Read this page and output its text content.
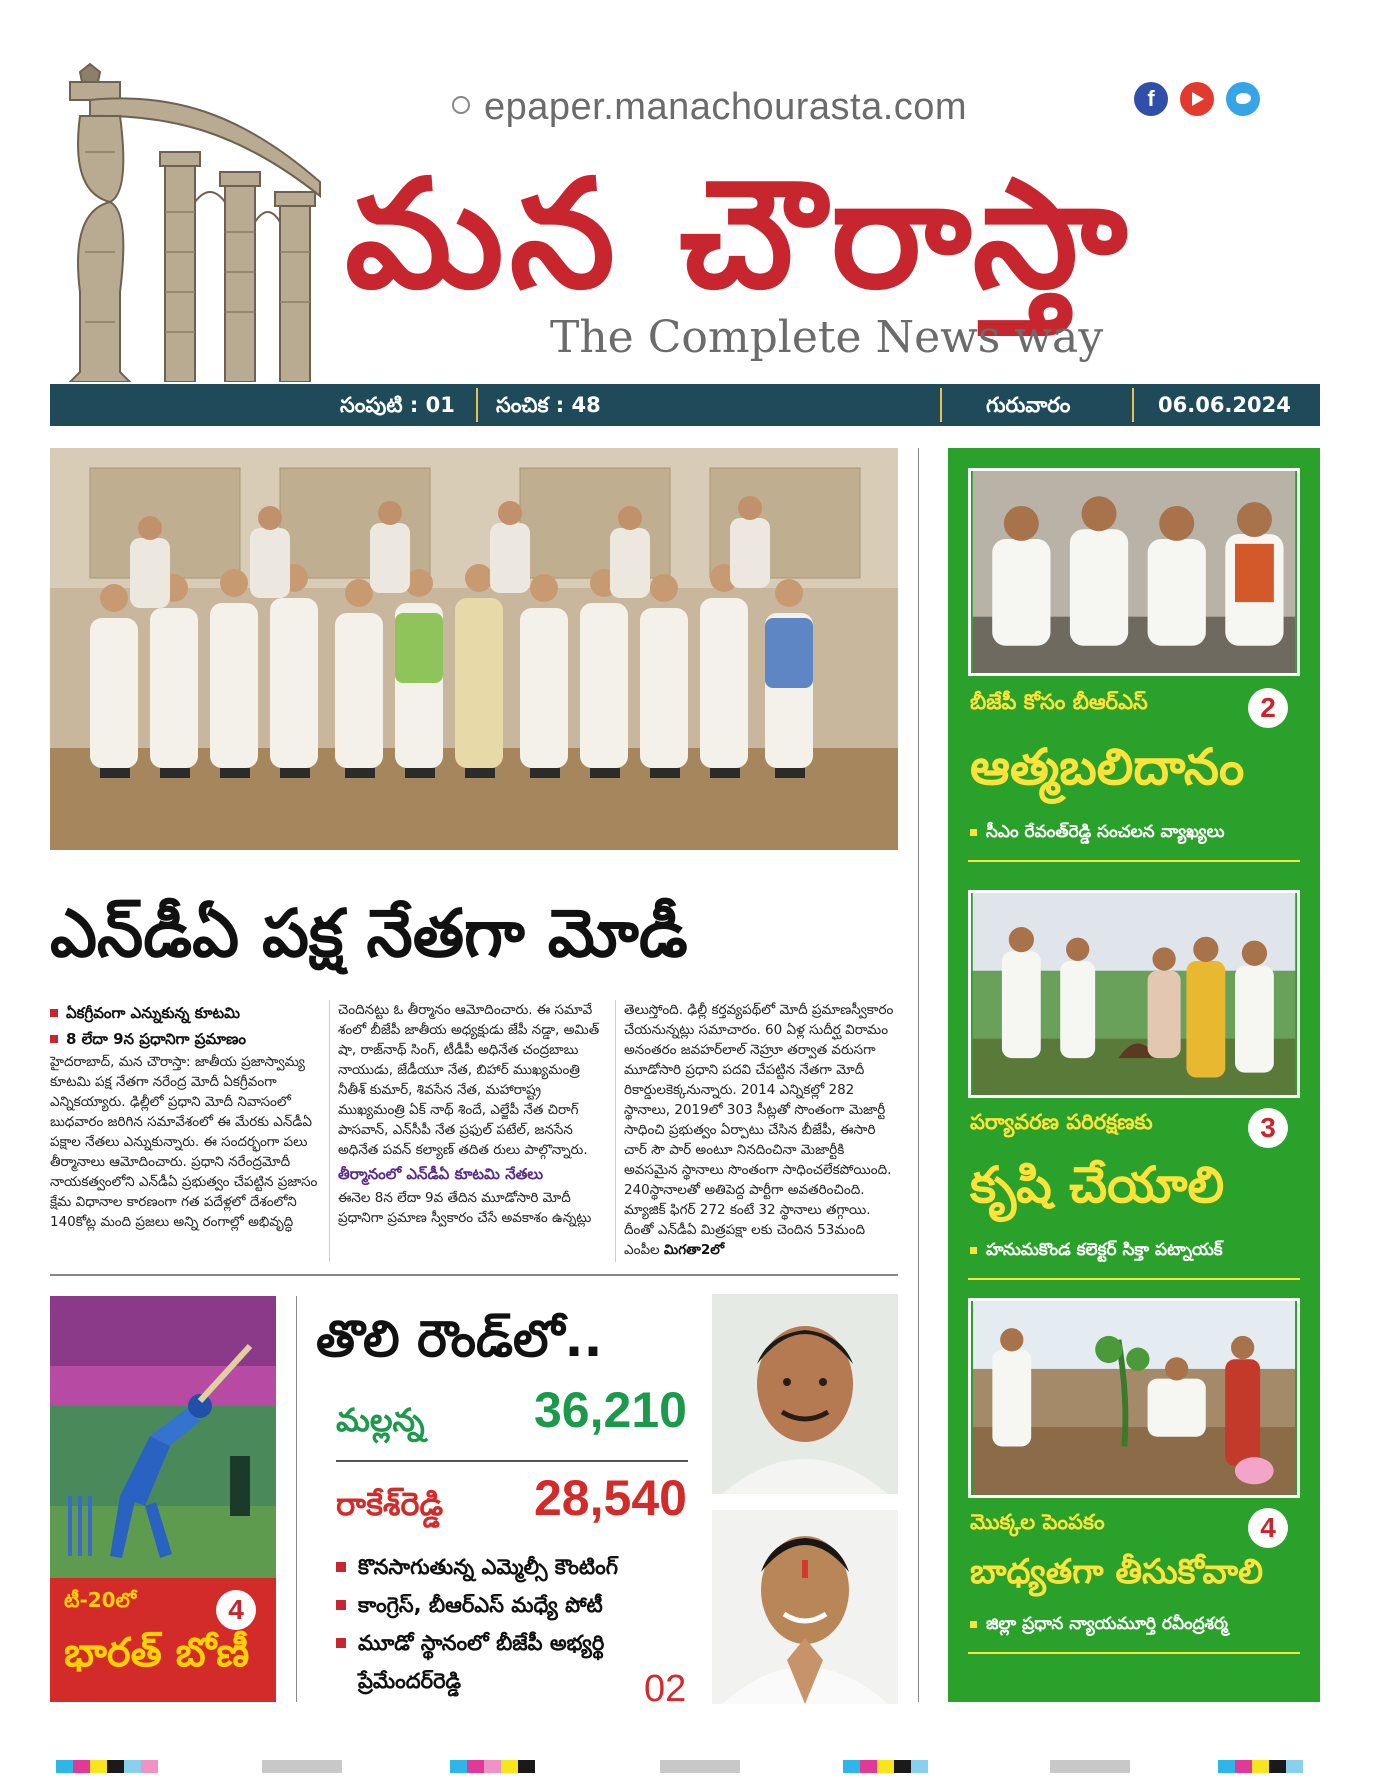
epaper.manachourasta.com	f
మన చౌరాస్తా
The Complete News way
సంపుటి : 01 సంచిక : 48	గురువారం	06.06.2024
ఎన్‌డీఏ పక్ష నేతగా మోడీ
ఏకగ్రీవంగా ఎన్నుకున్న కూటమి
8 లేదా 9న ప్రధానిగా ప్రమాణం

హైదరాబాద్, మన చౌరాస్తా: జాతీయ ప్రజాస్వామ్య కూటమి పక్ష నేతగా నరేంద్ర మోదీ ఏకగ్రీవంగా ఎన్నికయ్యారు. ఢిల్లీలో ప్రధాని మోదీ నివాసంలో బుధవారం జరిగిన సమావేశంలో ఈ మేరకు ఎన్‌డీఏ పక్షాల నేతలు ఎన్నుకున్నారు. ఈ సందర్భంగా పలు తీర్మానాలు ఆమోదించారు. ప్రధాని నరేంద్రమోదీ నాయకత్వంలోని ఎన్‌డీఏ ప్రభుత్వం చేపట్టిన ప్రజాసం క్షేమ విధానాల కారణంగా గత పదేళ్లలో దేశంలోని 140కోట్ల మంది ప్రజలు అన్ని రంగాల్లో అభివృద్ధి

చెందినట్టు ఓ తీర్మానం ఆమోదించారు. ఈ సమావే శంలో బీజేపీ జాతీయ అధ్యక్షుడు జేపీ నడ్డా, అమిత్ షా, రాజ్‌నాథ్ సింగ్, టీడీపీ అధినేత చంద్రబాబు నాయుడు, జేడీయూ నేత, బిహార్ ముఖ్యమంత్రి నీతీశ్ కుమార్, శివసేన నేత, మహారాష్ట్ర ముఖ్యమంత్రి ఏక్‌ నాథ్ శిందే, ఎల్జేపీ నేత చిరాగ్ పాసవాన్, ఎన్‌సీపీ నేత ప్రఫుల్ పటేల్, జనసేన అధినేత పవన్ కల్యాణ్ తదిత రులు పాల్గొన్నారు.

తీర్మానంలో ఎన్‌డీఏ కూటమి నేతలు

ఈనెల 8న లేదా 9వ తేదిన మూడోసారి మోదీ ప్రధానిగా ప్రమాణ స్వీకారం చేసే అవకాశం ఉన్నట్లు

తెలుస్తోంది. ఢిల్లీ కర్తవ్యపథ్‌లో మోదీ ప్రమాణస్వీకారం చేయనున్నట్లు సమాచారం. 60 ఏళ్ల సుదీర్ఘ విరామం అనంతరం జవహర్‌లాల్ నెహ్రూ తర్వాత వరుసగా మూడోసారి ప్రధాని పదవి చేపట్టిన నేతగా మోదీ రికార్డులకెక్కనున్నారు. 2014 ఎన్నికల్లో 282 స్థానాలు, 2019లో 303 సీట్లతో సొంతంగా మెజార్టీ సాధించి ప్రభుత్వం ఏర్పాటు చేసిన బీజేపీ, ఈసారి చార్ సౌ పార్ అంటూ నినదించినా మెజార్టీకి అవసమైన స్థానాలు సొంతంగా సాధించలేకపోయింది. 240స్థానాలతో అతిపెద్ద పార్టీగా అవతరించింది. మ్యాజిక్ ఫిగర్ 272 కంటే 32 స్థానాలు తగ్గాయి. దీంతో ఎన్‌డీఏ మిత్రపక్షా లకు చెందిన 53మంది ఎంపీల మిగతా2లో

టీ-20లో	4
భారత్ బోణీ
తొలి రౌండ్‌లో..
మల్లన్న 36,210
రాకేశ్‌రెడ్డి 28,540
కొనసాగుతున్న ఎమ్మెల్సీ కౌంటింగ్
కాంగ్రెస్, బీఆర్ఎస్ మధ్యే పోటీ
మూడో స్థానంలో బీజేపీ అభ్యర్థి
ప్రేమేందర్‌రెడ్డి	02
బీజేపీ కోసం బీఆర్ఎస్	2
ఆత్మబలిదానం
సీఎం రేవంత్‌రెడ్డి సంచలన వ్యాఖ్యలు
పర్యావరణ పరిరక్షణకు	3
కృషి చేయాలి
హనుమకొండ కలెక్టర్ సిక్తా పట్నాయక్
మొక్కల పెంపకం	4
బాధ్యతగా తీసుకోవాలి
జిల్లా ప్రధాన న్యాయమూర్తి రవీంద్రశర్మ
